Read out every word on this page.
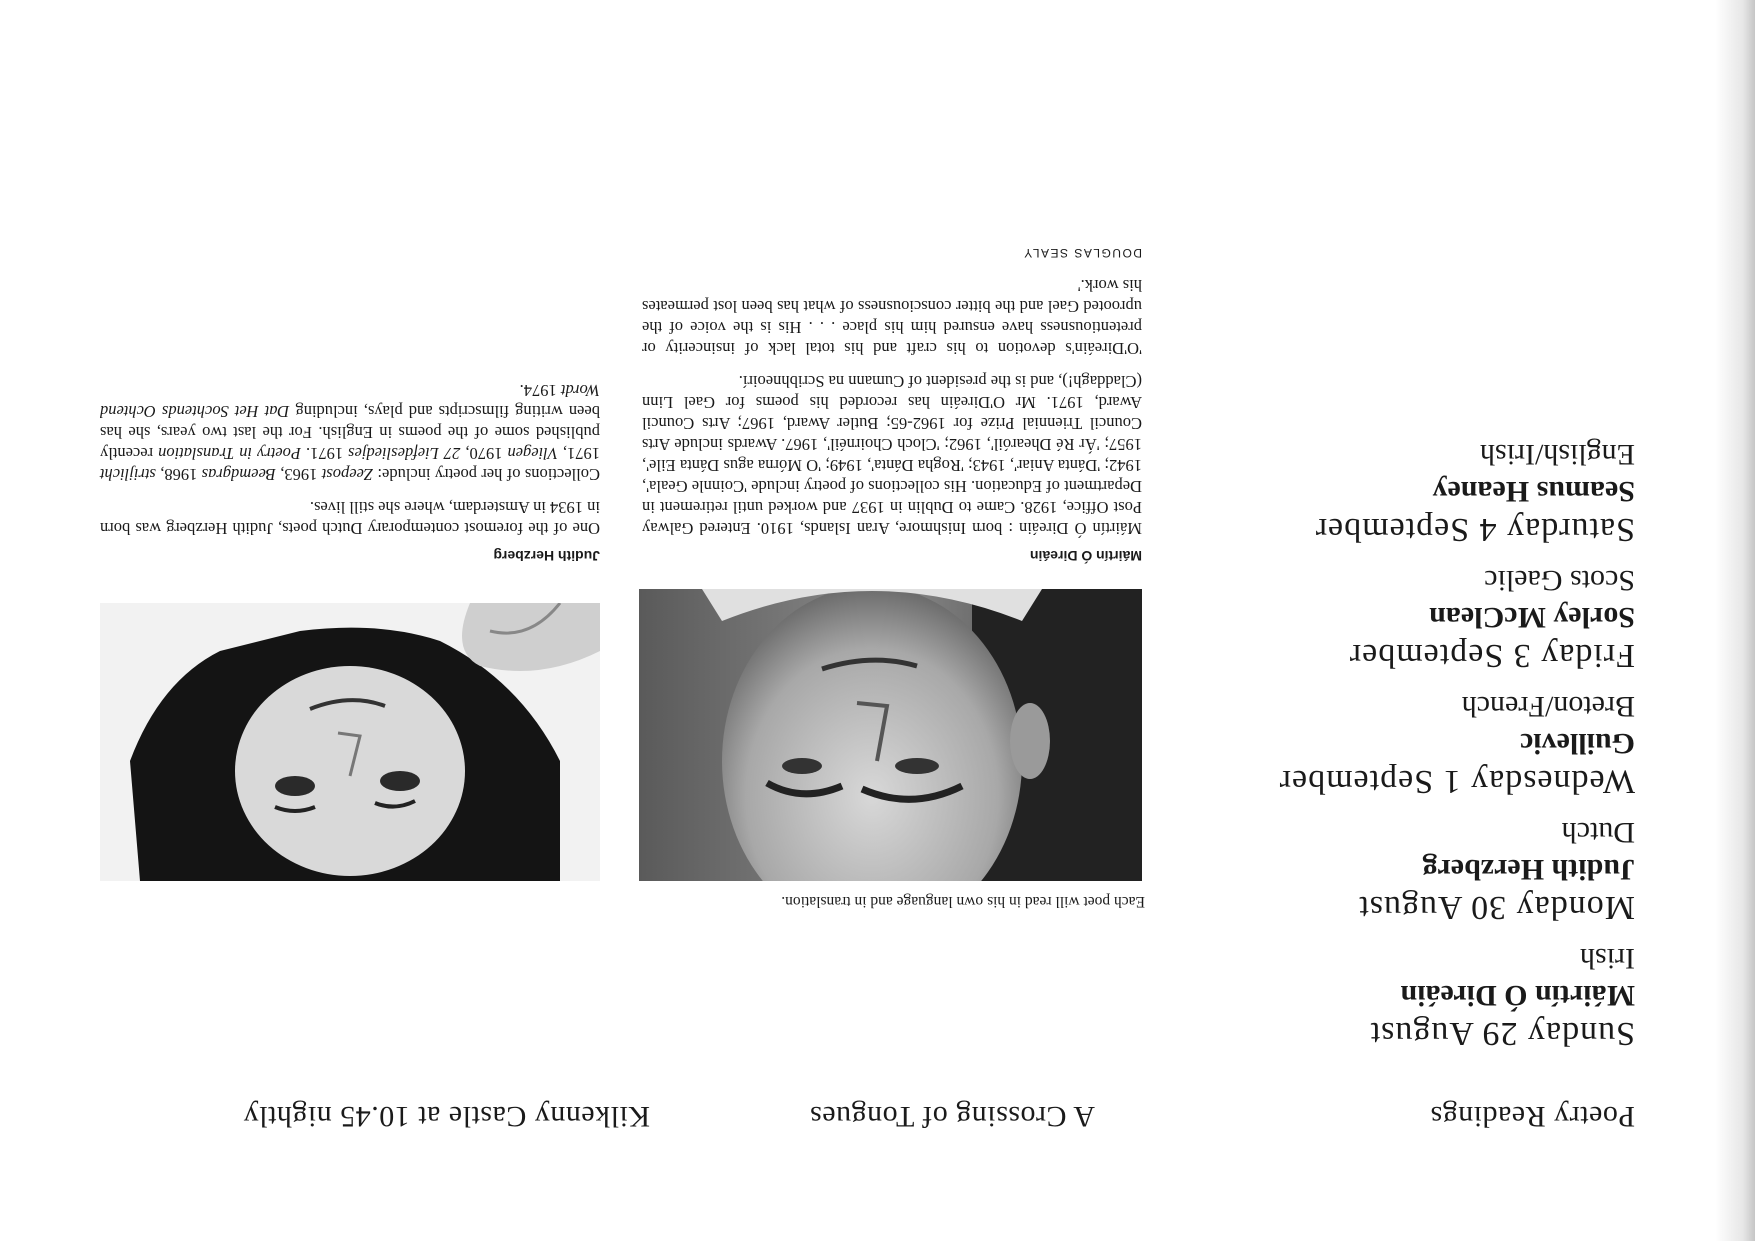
Poetry Readings
A Crossing of Tongues
Kilkenny Castle at 10.45 nightly
Sunday 29 August
Máirtín Ó Direáin
Irish
Monday 30 August
Judith Herzberg
Dutch
Wednesday 1 September
Guillevic
Breton/French
Friday 3 September
Sorley McClean
Scots Gaelic
Saturday 4 September
Seamus Heaney
English/Irish
Each poet will read in his own language and in translation.
Máirtín Ó Direáin

Máirtín Ó Direáin : born Inishmore, Aran Islands, 1910. Entered Galway Post Office, 1928. Came to Dublin in 1937 and worked until retirement in Department of Education. His collections of poetry include 'Coinnle Geala', 1942; 'Dánta Aniar', 1943; 'Rogha Dánta', 1949; 'O Mórna agus Dánta Eile', 1957; 'Ár Ré Dhearóil', 1962; 'Cloch Choirnéil', 1967. Awards include Arts Council Triennial Prize for 1962-65; Butler Award, 1967; Arts Council Award, 1971. Mr O'Direáin has recorded his poems for Gael Linn (Claddagh!), and is the president of Cumann na Scribhneoirí.

'O'Direáin's devotion to his craft and his total lack of insincerity or pretentiousness have ensured him his place . . . His is the voice of the uprooted Gael and the bitter consciousness of what has been lost permeates his work.'

DOUGLAS SEALY
Judith Herzberg

One of the foremost contemporary Dutch poets, Judith Herzberg was born in 1934 in Amsterdam, where she still lives.

Collections of her poetry include: Zeepost 1963, Beemdgras 1968, strijlicht 1971, Vliegen 1970, 27 Liefdesliedjes 1971. Poetry in Translation recently published some of the poems in English. For the last two years, she has been writing filmscripts and plays, including Dat Het Sochtends Ochtend Wordt 1974.
